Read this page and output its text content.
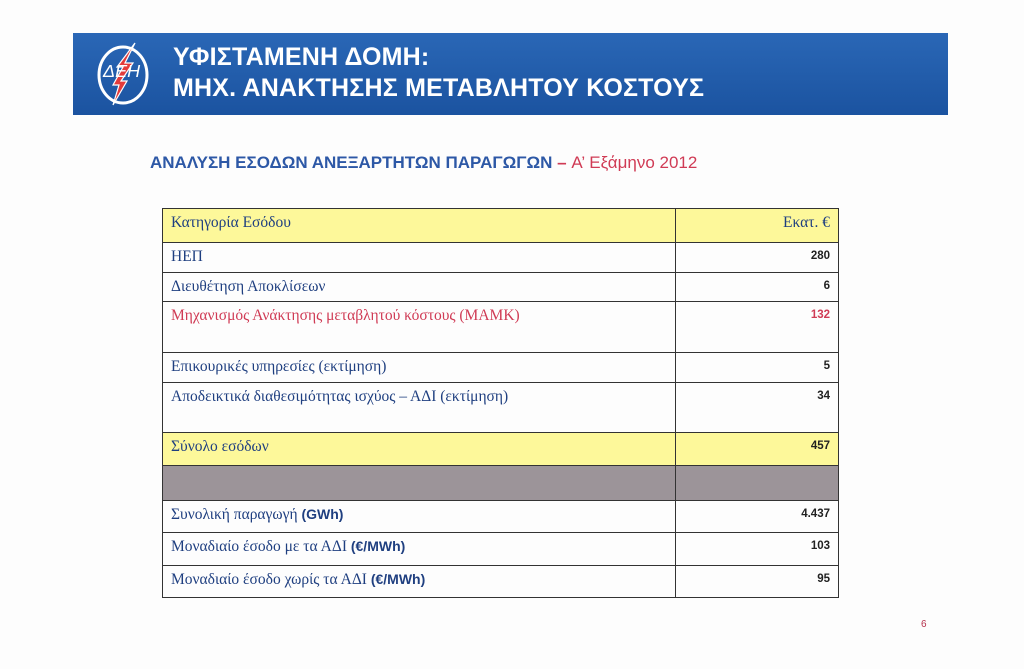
ΔΕΗ ΥΦΙΣΤΑΜΕΝΗ ΔΟΜΗ:
ΜΗΧ. ΑΝΑΚΤΗΣΗΣ ΜΕΤΑΒΛΗΤΟΥ ΚΟΣΤΟΥΣ
ΑΝΑΛΥΣΗ ΕΣΟΔΩΝ ΑΝΕΞΑΡΤΗΤΩΝ ΠΑΡΑΓΩΓΩΝ – Α’ Εξάμηνο 2012
Κατηγορία Εσόδου	Εκατ. €
ΗΕΠ	280
Διευθέτηση Αποκλίσεων	6
Μηχανισμός Ανάκτησης μεταβλητού κόστους (ΜΑΜΚ)	132
Επικουρικές υπηρεσίες (εκτίμηση)	5
Αποδεικτικά διαθεσιμότητας ισχύος – ΑΔΙ (εκτίμηση)	34
Σύνολο εσόδων	457

Συνολική παραγωγή (GWh)	4.437
Μοναδιαίο έσοδο με τα ΑΔΙ (€/MWh)	103
Μοναδιαίο έσοδο χωρίς τα ΑΔΙ (€/MWh)	95
6
